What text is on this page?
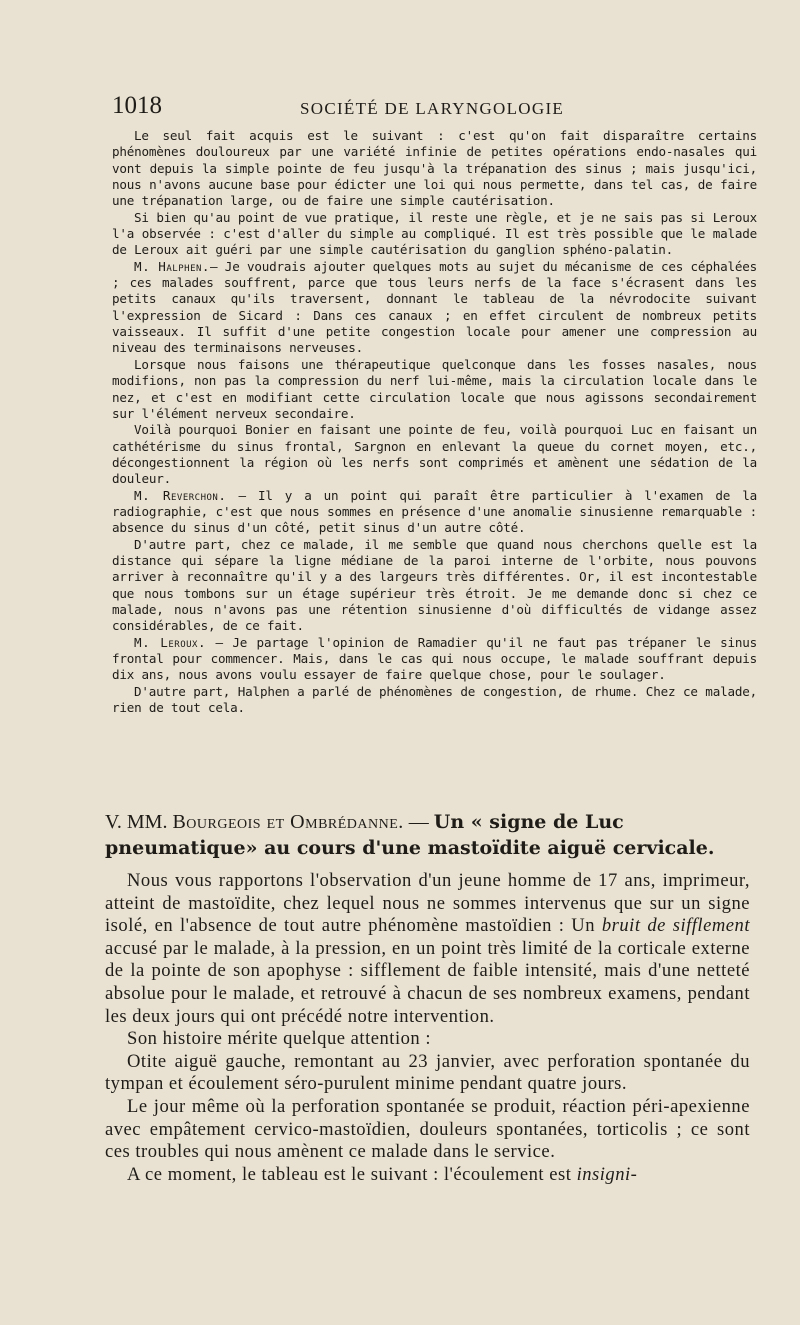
1018	SOCIÉTÉ DE LARYNGOLOGIE

Le seul fait acquis est le suivant : c'est qu'on fait disparaître certains phénomènes douloureux par une variété infinie de petites opérations endo-nasales qui vont depuis la simple pointe de feu jusqu'à la trépanation des sinus ; mais jusqu'ici, nous n'avons aucune base pour édicter une loi qui nous permette, dans tel cas, de faire une trépanation large, ou de faire une simple cautérisation.

Si bien qu'au point de vue pratique, il reste une règle, et je ne sais pas si Leroux l'a observée : c'est d'aller du simple au compliqué. Il est très possible que le malade de Leroux ait guéri par une simple cautérisation du ganglion sphéno-palatin.

M. Halphen.— Je voudrais ajouter quelques mots au sujet du mécanisme de ces céphalées ; ces malades souffrent, parce que tous leurs nerfs de la face s'écrasent dans les petits canaux qu'ils traversent, donnant le tableau de la névrodocite suivant l'expression de Sicard : Dans ces canaux ; en effet circulent de nombreux petits vaisseaux. Il suffit d'une petite congestion locale pour amener une compression au niveau des terminaisons nerveuses.

Lorsque nous faisons une thérapeutique quelconque dans les fosses nasales, nous modifions, non pas la compression du nerf lui-même, mais la circulation locale dans le nez, et c'est en modifiant cette circulation locale que nous agissons secondairement sur l'élément nerveux secondaire.

Voilà pourquoi Bonier en faisant une pointe de feu, voilà pourquoi Luc en faisant un cathétérisme du sinus frontal, Sargnon en enlevant la queue du cornet moyen, etc., décongestionnent la région où les nerfs sont comprimés et amènent une sédation de la douleur.

M. Reverchon. — Il y a un point qui paraît être particulier à l'examen de la radiographie, c'est que nous sommes en présence d'une anomalie sinusienne remarquable : absence du sinus d'un côté, petit sinus d'un autre côté.

D'autre part, chez ce malade, il me semble que quand nous cherchons quelle est la distance qui sépare la ligne médiane de la paroi interne de l'orbite, nous pouvons arriver à reconnaître qu'il y a des largeurs très différentes. Or, il est incontestable que nous tombons sur un étage supérieur très étroit. Je me demande donc si chez ce malade, nous n'avons pas une rétention sinusienne d'où difficultés de vidange assez considérables, de ce fait.

M. Leroux. — Je partage l'opinion de Ramadier qu'il ne faut pas trépaner le sinus frontal pour commencer. Mais, dans le cas qui nous occupe, le malade souffrant depuis dix ans, nous avons voulu essayer de faire quelque chose, pour le soulager.

D'autre part, Halphen a parlé de phénomènes de congestion, de rhume. Chez ce malade, rien de tout cela.

V. MM. Bourgeois et Ombrédanne. — Un « signe de Luc pneumatique» au cours d'une mastoïdite aiguë cervicale.

Nous vous rapportons l'observation d'un jeune homme de 17 ans, imprimeur, atteint de mastoïdite, chez lequel nous ne sommes intervenus que sur un signe isolé, en l'absence de tout autre phénomène mastoïdien : Un bruit de sifflement accusé par le malade, à la pression, en un point très limité de la corticale externe de la pointe de son apophyse : sifflement de faible intensité, mais d'une netteté absolue pour le malade, et retrouvé à chacun de ses nombreux examens, pendant les deux jours qui ont précédé notre intervention.

Son histoire mérite quelque attention :

Otite aiguë gauche, remontant au 23 janvier, avec perforation spontanée du tympan et écoulement séro-purulent minime pendant quatre jours.

Le jour même où la perforation spontanée se produit, réaction péri-apexienne avec empâtement cervico-mastoïdien, douleurs spontanées, torticolis ; ce sont ces troubles qui nous amènent ce malade dans le service.

A ce moment, le tableau est le suivant : l'écoulement est insigni-
